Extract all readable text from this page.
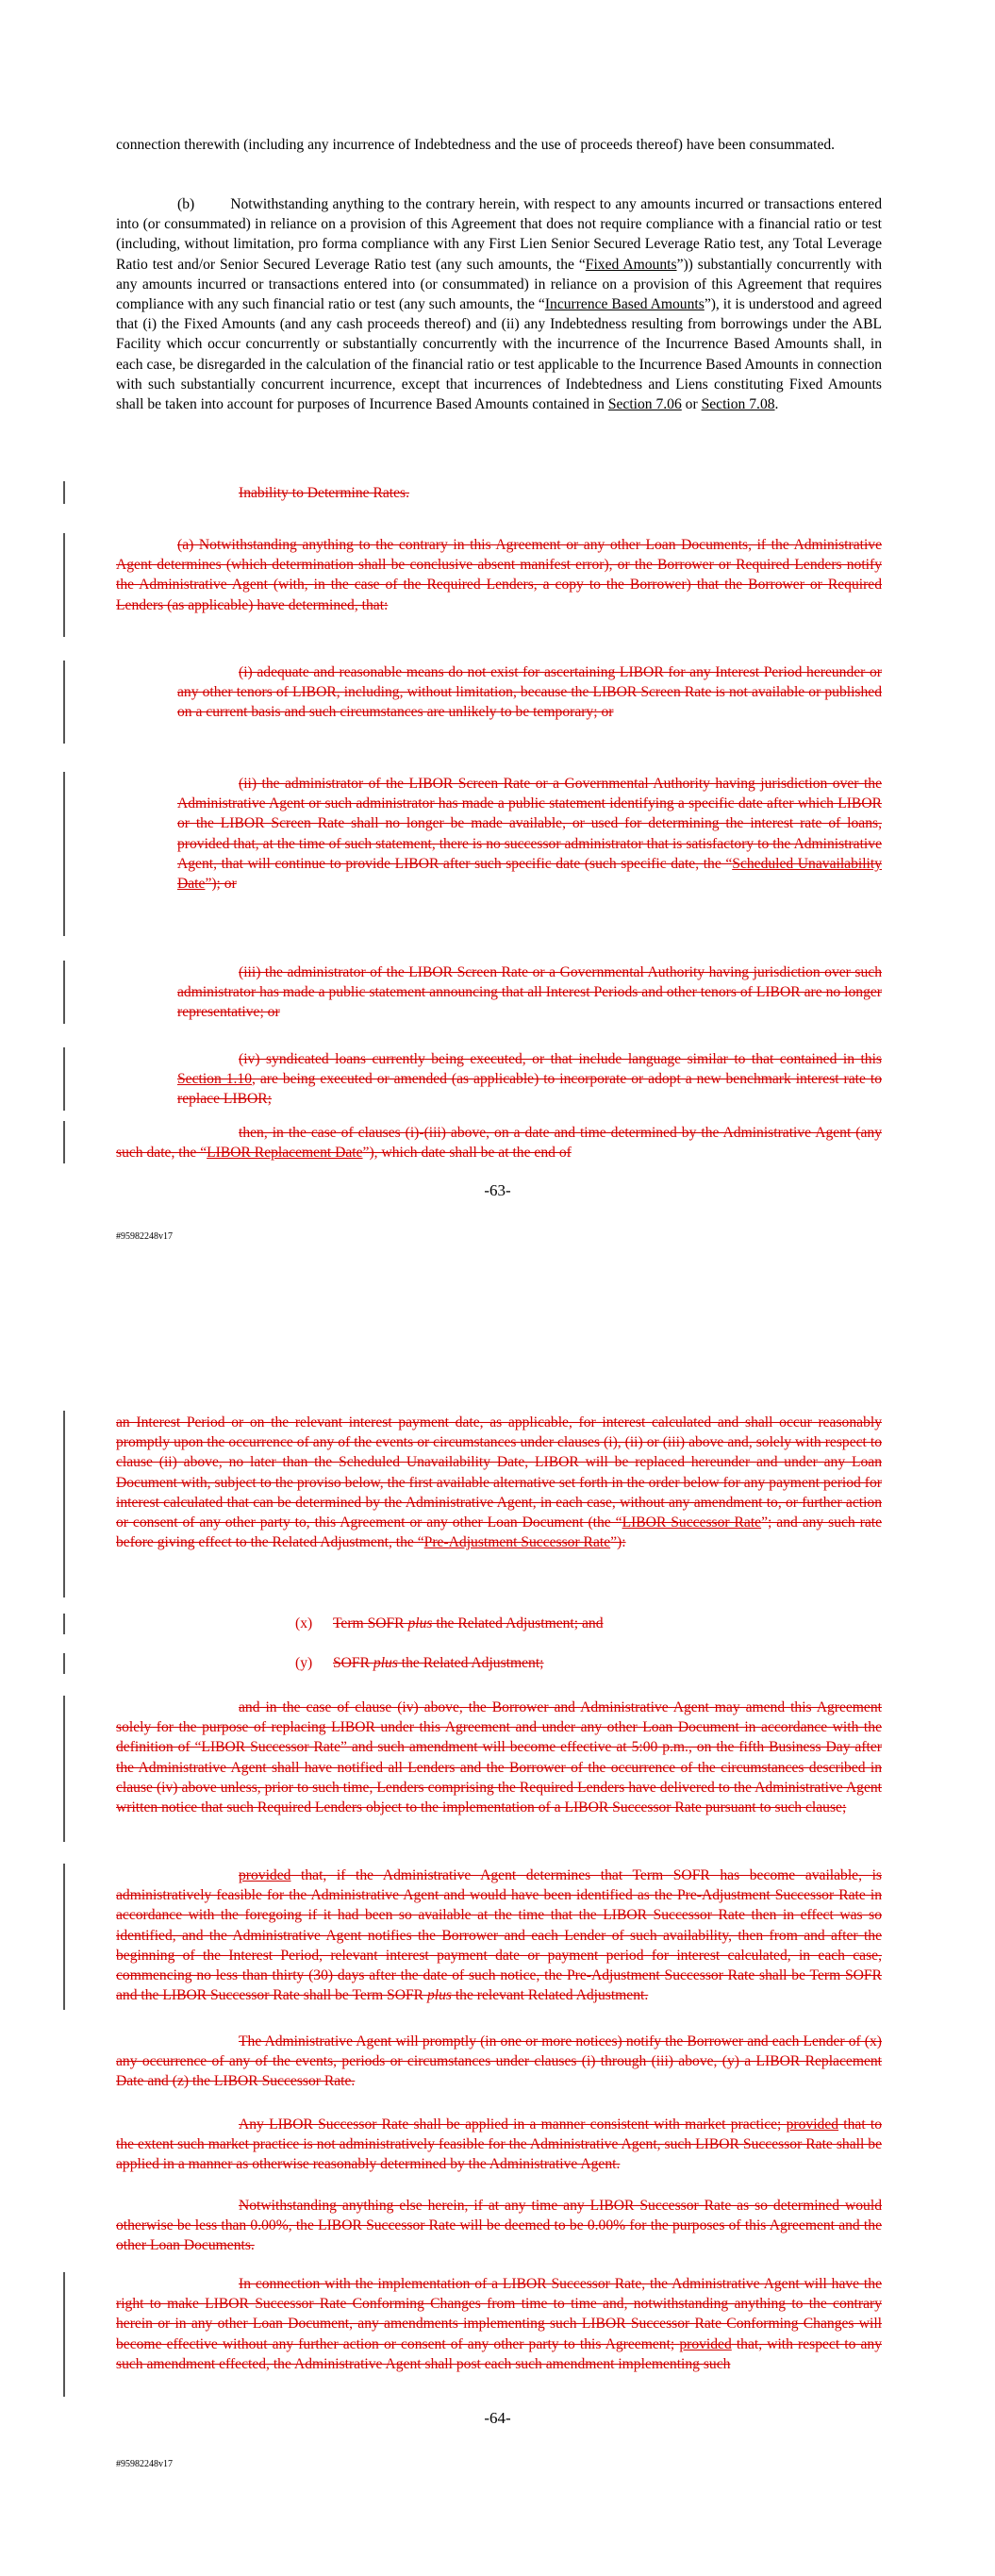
connection therewith (including any incurrence of Indebtedness and the use of proceeds thereof) have been consummated.

(b) Notwithstanding anything to the contrary herein, with respect to any amounts incurred or transactions entered into (or consummated) in reliance on a provision of this Agreement that does not require compliance with a financial ratio or test (including, without limitation, pro forma compliance with any First Lien Senior Secured Leverage Ratio test, any Total Leverage Ratio test and/or Senior Secured Leverage Ratio test (any such amounts, the “Fixed Amounts”)) substantially concurrently with any amounts incurred or transactions entered into (or consummated) in reliance on a provision of this Agreement that requires compliance with any such financial ratio or test (any such amounts, the “Incurrence Based Amounts”), it is understood and agreed that (i) the Fixed Amounts (and any cash proceeds thereof) and (ii) any Indebtedness resulting from borrowings under the ABL Facility which occur concurrently or substantially concurrently with the incurrence of the Incurrence Based Amounts shall, in each case, be disregarded in the calculation of the financial ratio or test applicable to the Incurrence Based Amounts in connection with such substantially concurrent incurrence, except that incurrences of Indebtedness and Liens constituting Fixed Amounts shall be taken into account for purposes of Incurrence Based Amounts contained in Section 7.06 or Section 7.08.

Inability to Determine Rates.

(a) Notwithstanding anything to the contrary in this Agreement or any other Loan Documents, if the Administrative Agent determines (which determination shall be conclusive absent manifest error), or the Borrower or Required Lenders notify the Administrative Agent (with, in the case of the Required Lenders, a copy to the Borrower) that the Borrower or Required Lenders (as applicable) have determined, that:

(i) adequate and reasonable means do not exist for ascertaining LIBOR for any Interest Period hereunder or any other tenors of LIBOR, including, without limitation, because the LIBOR Screen Rate is not available or published on a current basis and such circumstances are unlikely to be temporary; or

(ii) the administrator of the LIBOR Screen Rate or a Governmental Authority having jurisdiction over the Administrative Agent or such administrator has made a public statement identifying a specific date after which LIBOR or the LIBOR Screen Rate shall no longer be made available, or used for determining the interest rate of loans, provided that, at the time of such statement, there is no successor administrator that is satisfactory to the Administrative Agent, that will continue to provide LIBOR after such specific date (such specific date, the “Scheduled Unavailability Date”); or

(iii) the administrator of the LIBOR Screen Rate or a Governmental Authority having jurisdiction over such administrator has made a public statement announcing that all Interest Periods and other tenors of LIBOR are no longer representative; or

(iv) syndicated loans currently being executed, or that include language similar to that contained in this Section 1.10, are being executed or amended (as applicable) to incorporate or adopt a new benchmark interest rate to replace LIBOR;

then, in the case of clauses (i)-(iii) above, on a date and time determined by the Administrative Agent (any such date, the “LIBOR Replacement Date”), which date shall be at the end of

-63-
#95982248v17

an Interest Period or on the relevant interest payment date, as applicable, for interest calculated and shall occur reasonably promptly upon the occurrence of any of the events or circumstances under clauses (i), (ii) or (iii) above and, solely with respect to clause (ii) above, no later than the Scheduled Unavailability Date, LIBOR will be replaced hereunder and under any Loan Document with, subject to the proviso below, the first available alternative set forth in the order below for any payment period for interest calculated that can be determined by the Administrative Agent, in each case, without any amendment to, or further action or consent of any other party to, this Agreement or any other Loan Document (the “LIBOR Successor Rate”; and any such rate before giving effect to the Related Adjustment, the “Pre-Adjustment Successor Rate”):

(x) Term SOFR plus the Related Adjustment; and
(y) SOFR plus the Related Adjustment;

and in the case of clause (iv) above, the Borrower and Administrative Agent may amend this Agreement solely for the purpose of replacing LIBOR under this Agreement and under any other Loan Document in accordance with the definition of “LIBOR Successor Rate” and such amendment will become effective at 5:00 p.m., on the fifth Business Day after the Administrative Agent shall have notified all Lenders and the Borrower of the occurrence of the circumstances described in clause (iv) above unless, prior to such time, Lenders comprising the Required Lenders have delivered to the Administrative Agent written notice that such Required Lenders object to the implementation of a LIBOR Successor Rate pursuant to such clause;

provided that, if the Administrative Agent determines that Term SOFR has become available, is administratively feasible for the Administrative Agent and would have been identified as the Pre-Adjustment Successor Rate in accordance with the foregoing if it had been so available at the time that the LIBOR Successor Rate then in effect was so identified, and the Administrative Agent notifies the Borrower and each Lender of such availability, then from and after the beginning of the Interest Period, relevant interest payment date or payment period for interest calculated, in each case, commencing no less than thirty (30) days after the date of such notice, the Pre-Adjustment Successor Rate shall be Term SOFR and the LIBOR Successor Rate shall be Term SOFR plus the relevant Related Adjustment.

The Administrative Agent will promptly (in one or more notices) notify the Borrower and each Lender of (x) any occurrence of any of the events, periods or circumstances under clauses (i) through (iii) above, (y) a LIBOR Replacement Date and (z) the LIBOR Successor Rate.

Any LIBOR Successor Rate shall be applied in a manner consistent with market practice; provided that to the extent such market practice is not administratively feasible for the Administrative Agent, such LIBOR Successor Rate shall be applied in a manner as otherwise reasonably determined by the Administrative Agent.

Notwithstanding anything else herein, if at any time any LIBOR Successor Rate as so determined would otherwise be less than 0.00%, the LIBOR Successor Rate will be deemed to be 0.00% for the purposes of this Agreement and the other Loan Documents.

In connection with the implementation of a LIBOR Successor Rate, the Administrative Agent will have the right to make LIBOR Successor Rate Conforming Changes from time to time and, notwithstanding anything to the contrary herein or in any other Loan Document, any amendments implementing such LIBOR Successor Rate Conforming Changes will become effective without any further action or consent of any other party to this Agreement; provided that, with respect to any such amendment effected, the Administrative Agent shall post each such amendment implementing such

-64-
#95982248v17
